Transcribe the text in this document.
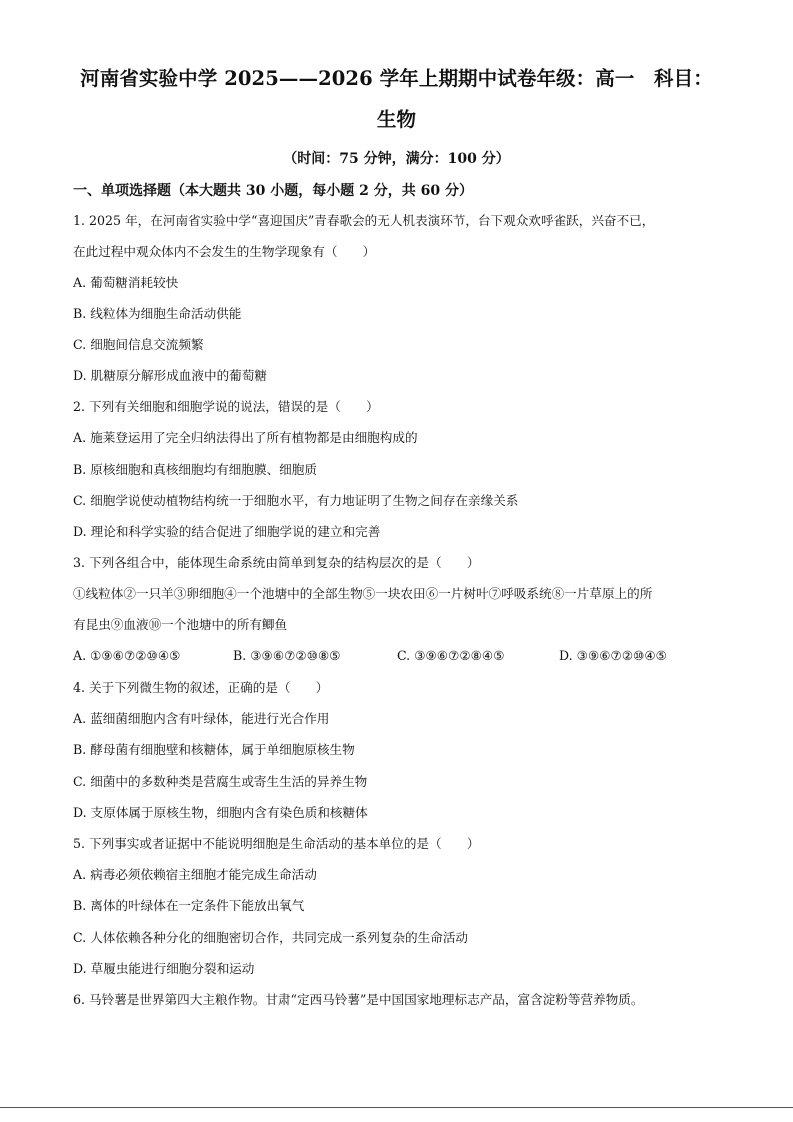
河南省实验中学 2025——2026 学年上期期中试卷年级：高一　科目：
生物
（时间：75 分钟，满分：100 分）
一、单项选择题（本大题共 30 小题，每小题 2 分，共 60 分）
1. 2025 年，在河南省实验中学“喜迎国庆”青春歌会的无人机表演环节，台下观众欢呼雀跃，兴奋不已，
在此过程中观众体内不会发生的生物学现象有（　　）
A. 葡萄糖消耗较快
B. 线粒体为细胞生命活动供能
C. 细胞间信息交流频繁
D. 肌糖原分解形成血液中的葡萄糖
2. 下列有关细胞和细胞学说的说法，错误的是（　　）
A. 施莱登运用了完全归纳法得出了所有植物都是由细胞构成的
B. 原核细胞和真核细胞均有细胞膜、细胞质
C. 细胞学说使动植物结构统一于细胞水平，有力地证明了生物之间存在亲缘关系
D. 理论和科学实验的结合促进了细胞学说的建立和完善
3. 下列各组合中，能体现生命系统由简单到复杂的结构层次的是（　　）
①线粒体②一只羊③卵细胞④一个池塘中的全部生物⑤一块农田⑥一片树叶⑦呼吸系统⑧一片草原上的所
有昆虫⑨血液⑩一个池塘中的所有鲫鱼
A. ①⑨⑥⑦②⑩④⑤	B. ③⑨⑥⑦②⑩⑧⑤	C. ③⑨⑥⑦②⑧④⑤	D. ③⑨⑥⑦②⑩④⑤
4. 关于下列微生物的叙述，正确的是（　　）
A. 蓝细菌细胞内含有叶绿体，能进行光合作用
B. 酵母菌有细胞壁和核糖体，属于单细胞原核生物
C. 细菌中的多数种类是营腐生或寄生生活的异养生物
D. 支原体属于原核生物，细胞内含有染色质和核糖体
5. 下列事实或者证据中不能说明细胞是生命活动的基本单位的是（　　）
A. 病毒必须依赖宿主细胞才能完成生命活动
B. 离体的叶绿体在一定条件下能放出氧气
C. 人体依赖各种分化的细胞密切合作，共同完成一系列复杂的生命活动
D. 草履虫能进行细胞分裂和运动
6. 马铃薯是世界第四大主粮作物。甘肃“定西马铃薯”是中国国家地理标志产品，富含淀粉等营养物质。
